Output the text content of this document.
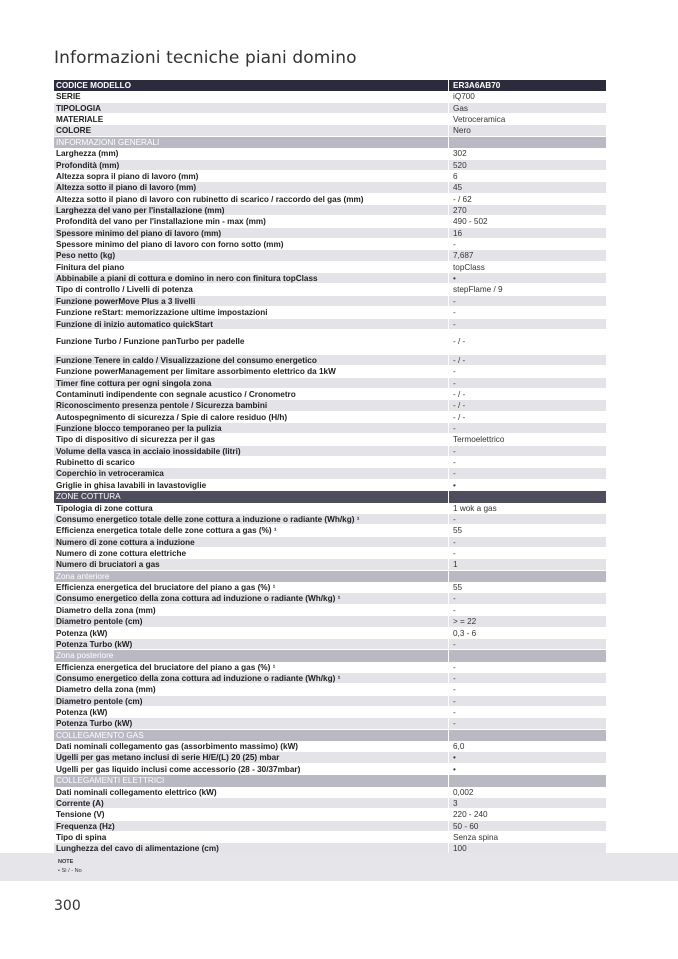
Informazioni tecniche piani domino
CODICE MODELLO	ER3A6AB70
SERIE	iQ700
TIPOLOGIA	Gas
MATERIALE	Vetroceramica
COLORE	Nero
INFORMAZIONI GENERALI
Larghezza (mm)	302
Profondità (mm)	520
Altezza sopra il piano di lavoro (mm)	6
Altezza sotto il piano di lavoro (mm)	45
Altezza sotto il piano di lavoro con rubinetto di scarico / raccordo del gas (mm)	- / 62
Larghezza del vano per l'installazione (mm)	270
Profondità del vano per l'installazione min - max (mm)	490 - 502
Spessore minimo del piano di lavoro (mm)	16
Spessore minimo del piano di lavoro con forno sotto (mm)	-
Peso netto (kg)	7,687
Finitura del piano	topClass
Abbinabile a piani di cottura e domino in nero con finitura topClass	•
Tipo di controllo / Livelli di potenza	stepFlame / 9
Funzione powerMove Plus a 3 livelli	-
Funzione reStart: memorizzazione ultime impostazioni	-
Funzione di inizio automatico quickStart	-
Funzione Turbo / Funzione panTurbo per padelle	- / -
Funzione Tenere in caldo / Visualizzazione del consumo energetico	- / -
Funzione powerManagement per limitare assorbimento elettrico da 1kW	-
Timer fine cottura per ogni singola zona	-
Contaminuti indipendente con segnale acustico / Cronometro	- / -
Riconoscimento presenza pentole / Sicurezza bambini	- / -
Autospegnimento di sicurezza / Spie di calore residuo (H/h)	- / -
Funzione blocco temporaneo per la pulizia	-
Tipo di dispositivo di sicurezza per il gas	Termoelettrico
Volume della vasca in acciaio inossidabile (litri)	-
Rubinetto di scarico	-
Coperchio in vetroceramica	-
Griglie in ghisa lavabili in lavastoviglie	•
ZONE COTTURA
Tipologia di zone cottura	1 wok a gas
Consumo energetico totale delle zone cottura a induzione o radiante (Wh/kg) ¹	-
Efficienza energetica totale delle zone cottura a gas (%) ¹	55
Numero di zone cottura a induzione	-
Numero di zone cottura elettriche	-
Numero di bruciatori a gas	1
Zona anteriore
Efficienza energetica del bruciatore del piano a gas (%) ¹	55
Consumo energetico della zona cottura ad induzione o radiante (Wh/kg) ¹	-
Diametro della zona (mm)	-
Diametro pentole (cm)	> = 22
Potenza (kW)	0,3 - 6
Potenza Turbo (kW)	-
Zona posteriore
Efficienza energetica del bruciatore del piano a gas (%) ¹	-
Consumo energetico della zona cottura ad induzione o radiante (Wh/kg) ¹	-
Diametro della zona (mm)	-
Diametro pentole (cm)	-
Potenza (kW)	-
Potenza Turbo (kW)	-
COLLEGAMENTO GAS
Dati nominali collegamento gas (assorbimento massimo) (kW)	6,0
Ugelli per gas metano inclusi di serie H/E/(L) 20 (25) mbar	•
Ugelli per gas liquido inclusi come accessorio (28 - 30/37mbar)	•
COLLEGAMENTI ELETTRICI
Dati nominali collegamento elettrico (kW)	0,002
Corrente (A)	3
Tensione (V)	220 - 240
Frequenza (Hz)	50 - 60
Tipo di spina	Senza spina
Lunghezza del cavo di alimentazione (cm)	100
NOTE
• Sì / - No
300
